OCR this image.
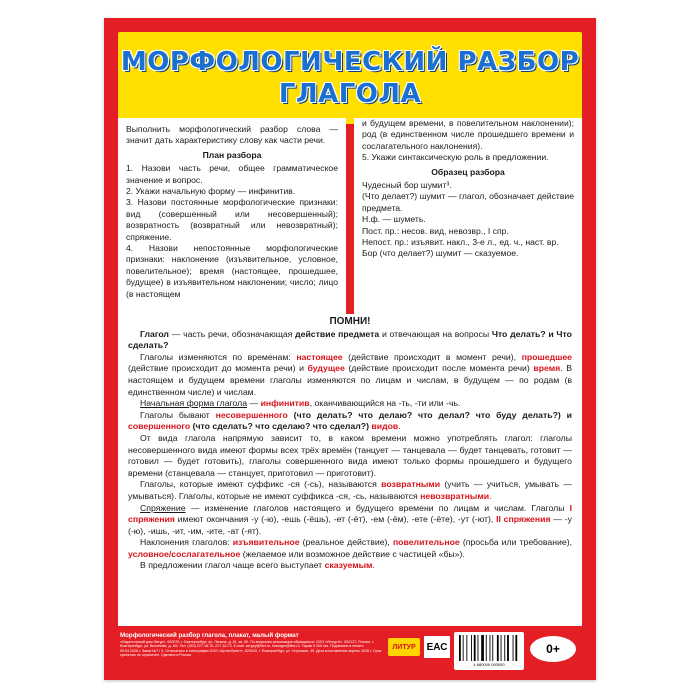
МОРФОЛОГИЧЕСКИЙ РАЗБОР
ГЛАГОЛА

Выполнить морфологический разбор слова — значит дать характеристику слову как части речи.

План разбора

1. Назови часть речи, общее грамматическое значение и вопрос.

2. Укажи начальную форму — инфинитив.

3. Назови постоянные морфологические признаки: вид (совершенный или несовершенный); возвратность (возвратный или невозвратный); спряжение.

4. Назови непостоянные морфологические признаки: наклонение (изъявительное, условное, повелительное); время (настоящее, прошедшее, будущее) в изъявительном наклонении; число; лицо (в настоящем

и будущем времени, в повелительном наклонении); род (в единственном числе прошедшего времени и сослагательного наклонения).

5. Укажи синтаксическую роль в предложении.

Образец разбора

Чудесный бор шумит³.

(Что делает?) шумит — глагол, обозначает действие предмета.

Н.ф. — шуметь.

Пост. пр.: несов. вид, невозвр., I спр.

Непост. пр.: изъявит. накл., 3-е л., ед. ч., наст. вр.

Бор (что делает?) шумит — сказуемое.

ПОМНИ!

Глагол — часть речи, обозначающая действие предмета и отвечающая на вопросы Что делать? и Что сделать?

Глаголы изменяются по временам: настоящее (действие происходит в момент речи), прошедшее (действие происходит до момента речи) и будущее (действие происходит после момента речи) время. В настоящем и будущем времени глаголы изменяются по лицам и числам, в будущем — по родам (в единственном числе) и числам.

Начальная форма глагола — инфинитив, оканчивающийся на -ть, -ти или -чь.

Глаголы бывают несовершенного (что делать? что делаю? что делал? что буду делать?) и совершенного (что сделать? что сделаю? что сделал?) видов.

От вида глагола напрямую зависит то, в каком времени можно употреблять глагол: глаголы несовершенного вида имеют формы всех трёх времён (танцует — танцевала — будет танцевать, готовит — готовил — будет готовить), глаголы совершенного вида имеют только формы прошедшего и будущего времени (станцевала — станцует, приготовил — приготовит).

Глаголы, которые имеют суффикс -ся (-сь), называются возвратными (учить — учиться, умывать — умываться). Глаголы, которые не имеют суффикса -ся, -сь, называются невозвратными.

Спряжение — изменение глаголов настоящего и будущего времени по лицам и числам. Глаголы I спряжения имеют окончания -у (-ю), -ешь (-ёшь), -ет (-ёт), -ем (-ём), -ете (-ёте), -ут (-ют), II спряжения — -у (-ю), -ишь, -ит, -им, -ите, -ат (-ят).

Наклонения глаголов: изъявительное (реальное действие), повелительное (просьба или требование), условное/сослагательное (желаемое или возможное действие с частицей «бы»).

В предложении глагол чаще всего выступает сказуемым.

Морфологический разбор глагола, плакат, малый формат
«Издательский дом Литур», 620075, г. Екатеринбург, ул. Ленина, д. 81, кв. 50. По вопросам реализации обращаться: ООО «Литур-К», 620137, Россия, г. Екатеринбург, ул. Вилонова, д. 1М. Тел. (343) 227-16-75, 227-16-73. Е-mail: sergey@litur.ru, manager@litur.ru. Тираж 5 000 экз. Подписано в печать 09.04.2026 г. Заказ №7 / 3. Отпечатано в типографии ООО «АртисПринт», 620043, г. Екатеринбург, ул. Уктусская, 45. Дата изготовления апрель 2026 г. Срок хранения не ограничен. Сделано в России
ЛИТУР	ЕАС
4 680000 000000
0+
